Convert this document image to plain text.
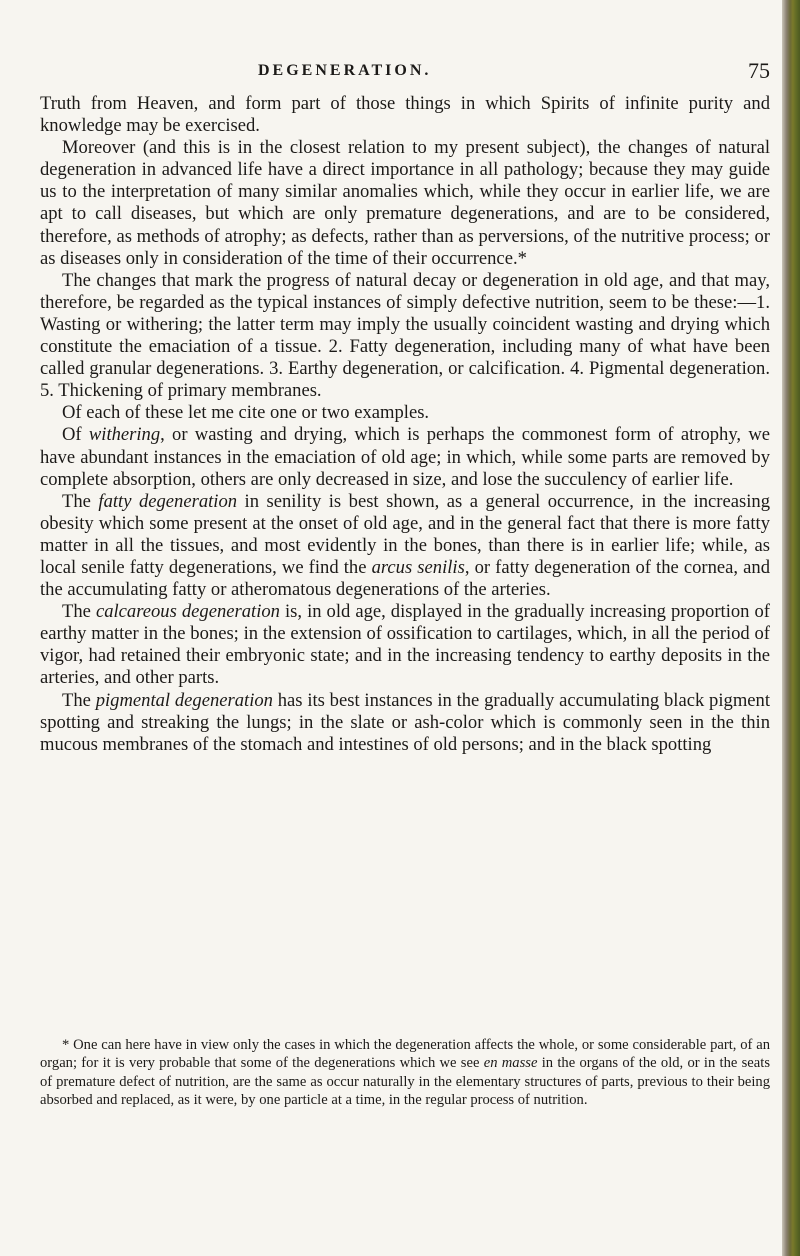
DEGENERATION.	75

Truth from Heaven, and form part of those things in which Spirits of infinite purity and knowledge may be exercised.

Moreover (and this is in the closest relation to my present subject), the changes of natural degeneration in advanced life have a direct importance in all pathology; because they may guide us to the interpretation of many similar anomalies which, while they occur in earlier life, we are apt to call diseases, but which are only premature degenerations, and are to be considered, therefore, as methods of atrophy; as defects, rather than as perversions, of the nutritive process; or as diseases only in consideration of the time of their occurrence.*

The changes that mark the progress of natural decay or degeneration in old age, and that may, therefore, be regarded as the typical instances of simply defective nutrition, seem to be these:—1. Wasting or withering; the latter term may imply the usually coincident wasting and drying which constitute the emaciation of a tissue. 2. Fatty degeneration, including many of what have been called granular degenerations. 3. Earthy degeneration, or calcification. 4. Pigmental degeneration. 5. Thickening of primary membranes.

Of each of these let me cite one or two examples.

Of withering, or wasting and drying, which is perhaps the commonest form of atrophy, we have abundant instances in the emaciation of old age; in which, while some parts are removed by complete absorption, others are only decreased in size, and lose the succulency of earlier life.

The fatty degeneration in senility is best shown, as a general occurrence, in the increasing obesity which some present at the onset of old age, and in the general fact that there is more fatty matter in all the tissues, and most evidently in the bones, than there is in earlier life; while, as local senile fatty degenerations, we find the arcus senilis, or fatty degeneration of the cornea, and the accumulating fatty or atheromatous degenerations of the arteries.

The calcareous degeneration is, in old age, displayed in the gradually increasing proportion of earthy matter in the bones; in the extension of ossification to cartilages, which, in all the period of vigor, had retained their embryonic state; and in the increasing tendency to earthy deposits in the arteries, and other parts.

The pigmental degeneration has its best instances in the gradually accumulating black pigment spotting and streaking the lungs; in the slate or ash-color which is commonly seen in the thin mucous membranes of the stomach and intestines of old persons; and in the black spotting

* One can here have in view only the cases in which the degeneration affects the whole, or some considerable part, of an organ; for it is very probable that some of the degenerations which we see en masse in the organs of the old, or in the seats of premature defect of nutrition, are the same as occur naturally in the elementary structures of parts, previous to their being absorbed and replaced, as it were, by one particle at a time, in the regular process of nutrition.
